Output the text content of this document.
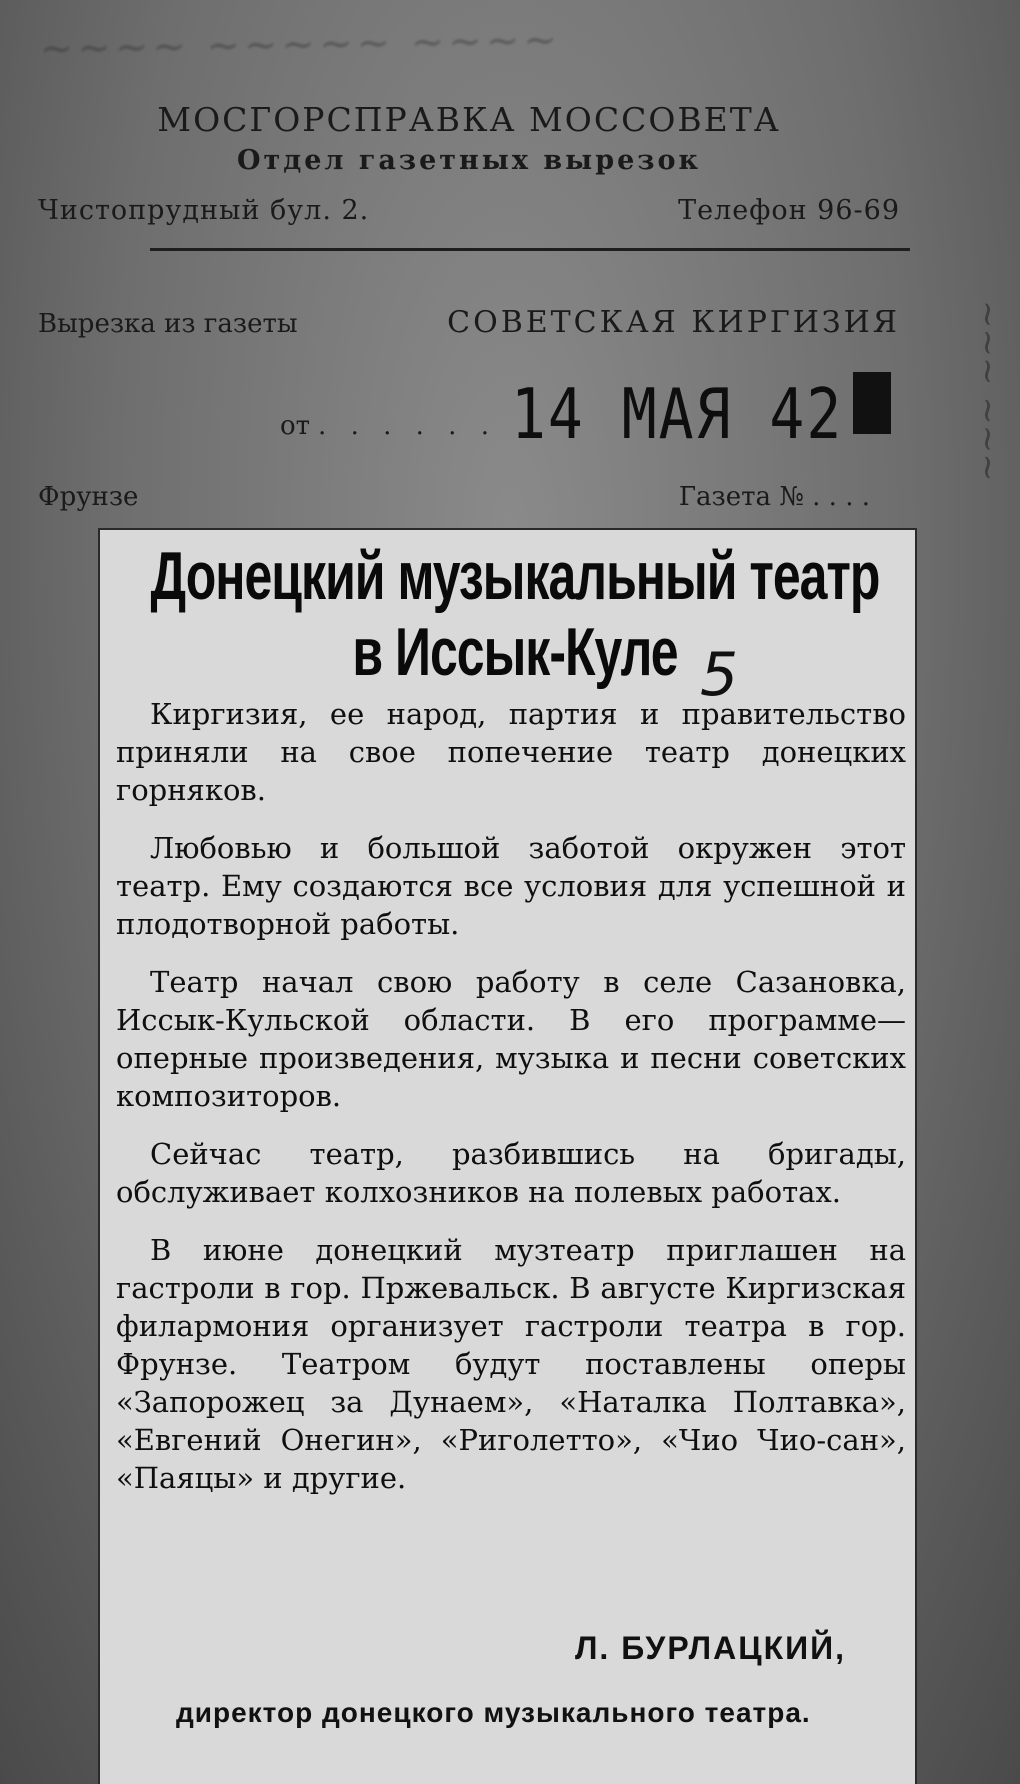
~~~~ ~~~~~ ~~~~
МОСГОРСПРАВКА МОССОВЕТА
Отдел газетных вырезок
Чистопрудный бул. 2.	Телефон 96-69
Вырезка из газеты	СОВЕТСКАЯ КИРГИЗИЯ
от . . . . . . 14 МАЯ 42
Фрунзе	Газета № . . . .
~~~ ~~~
Донецкий музыкальный театр
в Иссык-Куле 5

Киргизия, ее народ, партия и правительство приняли на свое попечение театр донецких горняков.

Любовью и большой заботой окружен этот театр. Ему создаются все условия для успешной и плодотворной работы.

Театр начал свою работу в селе Сазановка, Иссык-Кульской области. В его программе—оперные произведения, музыка и песни советских композиторов.

Сейчас театр, разбившись на бригады, обслуживает колхозников на полевых работах.

В июне донецкий музтеатр приглашен на гастроли в гор. Пржевальск. В августе Киргизская филармония организует гастроли театра в гор. Фрунзе. Театром будут поставлены оперы «Запорожец за Дунаем», «Наталка Полтавка», «Евгений Онегин», «Риголетто», «Чио Чио-сан», «Паяцы» и другие.

Л. БУРЛАЦКИЙ,
директор донецкого музыкального театра.
